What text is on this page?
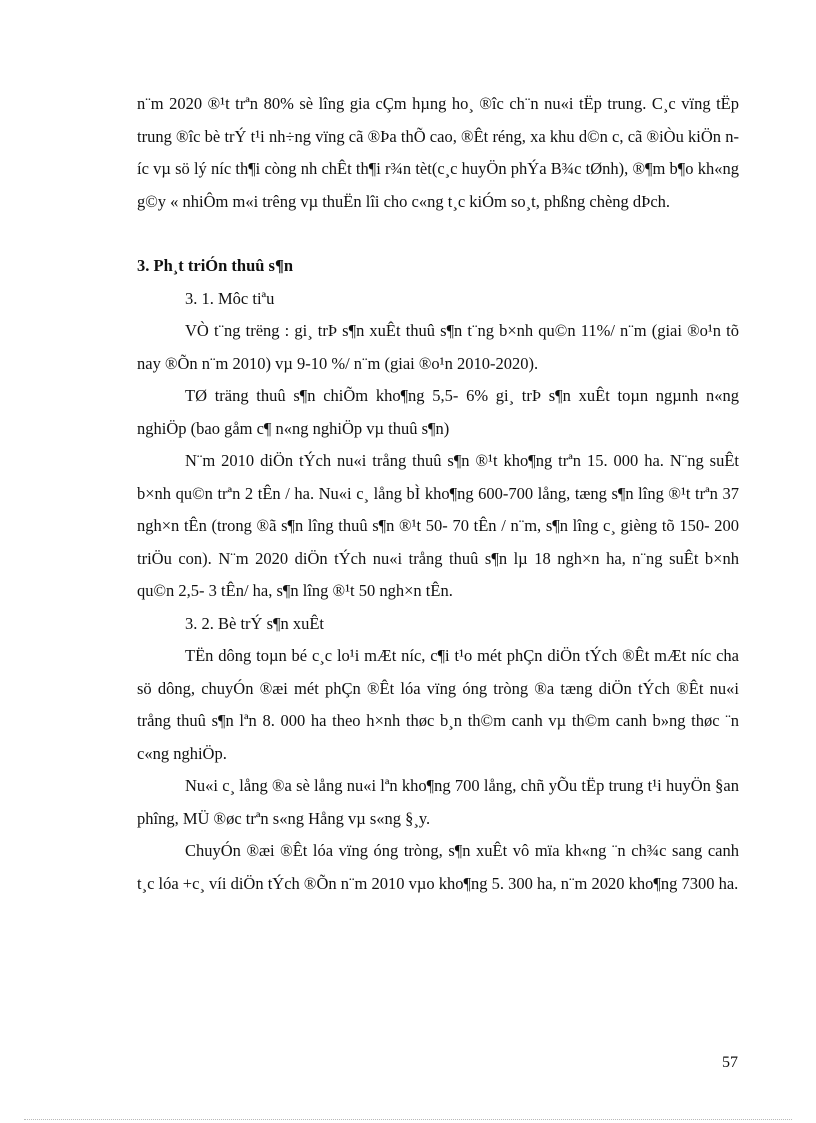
n¨m 2020 ®¹t trªn 80% sè lîng gia cÇm hµng ho¸ ®îc ch¨n nu«i tËp trung. C¸c vïng tËp trung ®îc bè trÝ t¹i nh÷ng vïng cã ®Þa thÕ cao, ®Êt réng, xa khu d©n c, cã ®iÒu kiÖn níc vµ sö lý níc th¶i còng nh chÊt th¶i r¾n tèt(c¸c huyÖn phÝa B¾c tØnh), ®¶m b¶o kh«ng g©y « nhiÔm m«i trêng vµ thuËn lîi cho c«ng t¸c kiÓm so¸t, phßng chèng dÞch.

3. Ph¸t triÓn thuû s¶n

3. 1. Môc tiªu

VÒ t¨ng trëng : gi¸ trÞ s¶n xuÊt thuû s¶n t¨ng b×nh qu©n 11%/ n¨m (giai ®o¹n tõ nay ®Õn n¨m 2010) vµ 9-10 %/ n¨m (giai ®o¹n 2010-2020).

TØ träng thuû s¶n chiÕm kho¶ng 5,5- 6% gi¸ trÞ s¶n xuÊt toµn ngµnh n«ng nghiÖp (bao gåm c¶ n«ng nghiÖp vµ thuû s¶n)

N¨m 2010 diÖn tÝch nu«i trång thuû s¶n ®¹t kho¶ng trªn 15. 000 ha. N¨ng suÊt b×nh qu©n trªn 2 tÊn / ha. Nu«i c¸ lång bÌ kho¶ng 600-700 lång, tæng s¶n lîng ®¹t trªn 37 ngh×n tÊn (trong ®ã s¶n lîng thuû s¶n ®¹t 50- 70 tÊn / n¨m, s¶n lîng c¸ gièng tõ 150- 200 triÖu con). N¨m 2020 diÖn tÝch nu«i trång thuû s¶n lµ 18 ngh×n ha, n¨ng suÊt b×nh qu©n 2,5- 3 tÊn/ ha, s¶n lîng ®¹t 50 ngh×n tÊn.

3. 2. Bè trÝ s¶n xuÊt

TËn dông toµn bé c¸c lo¹i mÆt níc, c¶i t¹o mét phÇn diÖn tÝch ®Êt mÆt níc cha sö dông, chuyÓn ®æi mét phÇn ®Êt lóa vïng óng tròng ®a tæng diÖn tÝch ®Êt nu«i trång thuû s¶n lªn 8. 000 ha theo h×nh thøc b¸n th©m canh vµ th©m canh b»ng thøc ¨n c«ng nghiÖp.

Nu«i c¸ lång ®a sè lång nu«i lªn kho¶ng 700 lång, chñ yÕu tËp trung t¹i huyÖn §an phîng, MÜ ®øc trªn s«ng Hång vµ s«ng §¸y.

ChuyÓn ®æi ®Êt lóa vïng óng tròng, s¶n xuÊt vô mïa kh«ng ¨n ch¾c sang canh t¸c lóa +c¸ víi diÖn tÝch ®Õn n¨m 2010 vµo kho¶ng 5. 300 ha, n¨m 2020 kho¶ng 7300 ha.

57
